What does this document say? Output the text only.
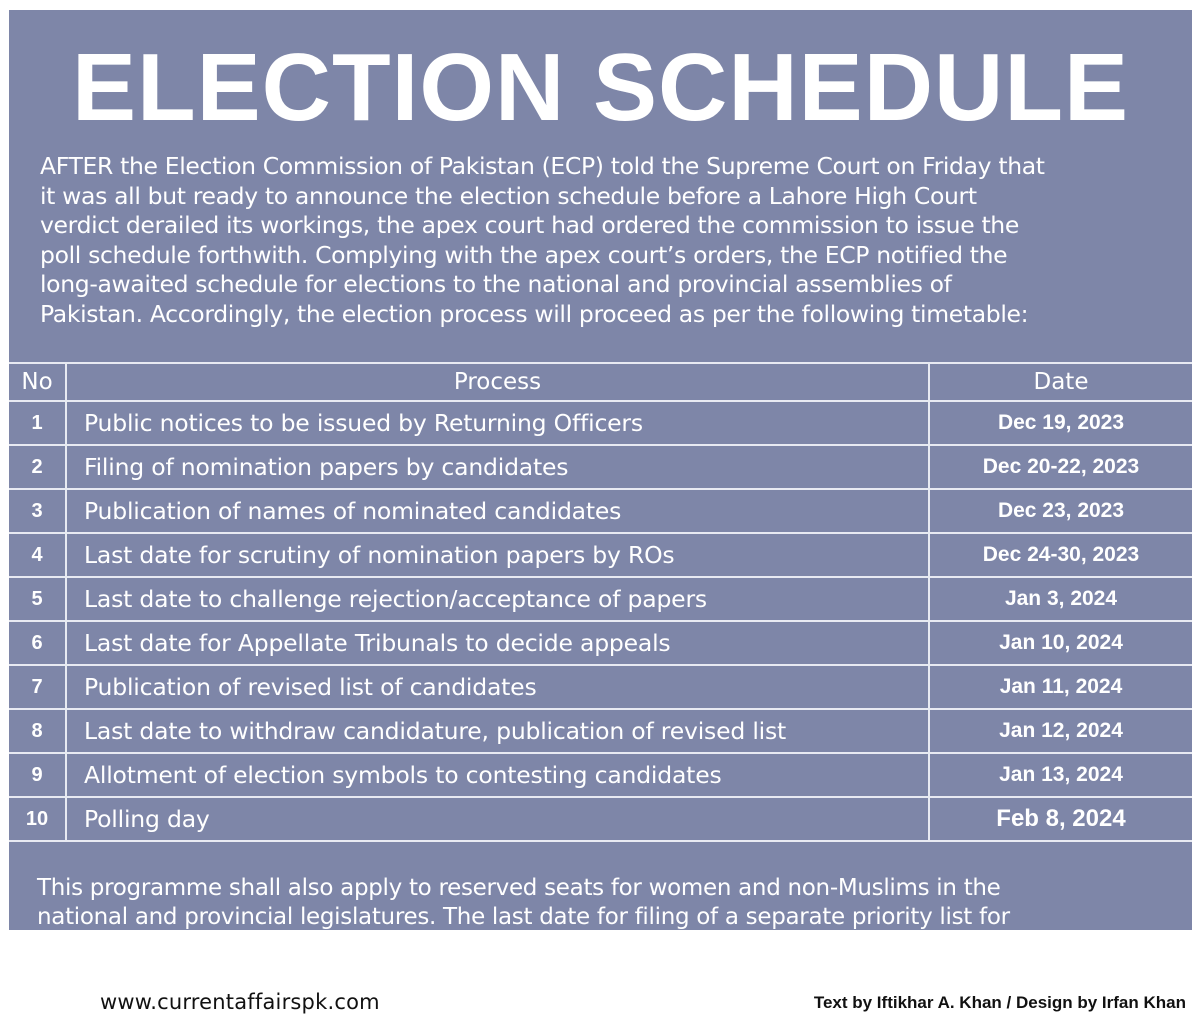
ELECTION SCHEDULE
AFTER the Election Commission of Pakistan (ECP) told the Supreme Court on Friday that
it was all but ready to announce the election schedule before a Lahore High Court
verdict derailed its workings, the apex court had ordered the commission to issue the
poll schedule forthwith. Complying with the apex court’s orders, the ECP notified the
long-awaited schedule for elections to the national and provincial assemblies of
Pakistan. Accordingly, the election process will proceed as per the following timetable:
No	Process	Date
1	Public notices to be issued by Returning Officers	Dec 19, 2023
2	Filing of nomination papers by candidates	Dec 20-22, 2023
3	Publication of names of nominated candidates	Dec 23, 2023
4	Last date for scrutiny of nomination papers by ROs	Dec 24-30, 2023
5	Last date to challenge rejection/acceptance of papers	Jan 3, 2024
6	Last date for Appellate Tribunals to decide appeals	Jan 10, 2024
7	Publication of revised list of candidates	Jan 11, 2024
8	Last date to withdraw candidature, publication of revised list	Jan 12, 2024
9	Allotment of election symbols to contesting candidates	Jan 13, 2024
10	Polling day	Feb 8, 2024
This programme shall also apply to reserved seats for women and non-Muslims in the
national and provincial legislatures. The last date for filing of a separate priority list for
seats reserved for these two categories will be Dec 22, 2023.
www.currentaffairspk.com	Text by Iftikhar A. Khan / Design by Irfan Khan
